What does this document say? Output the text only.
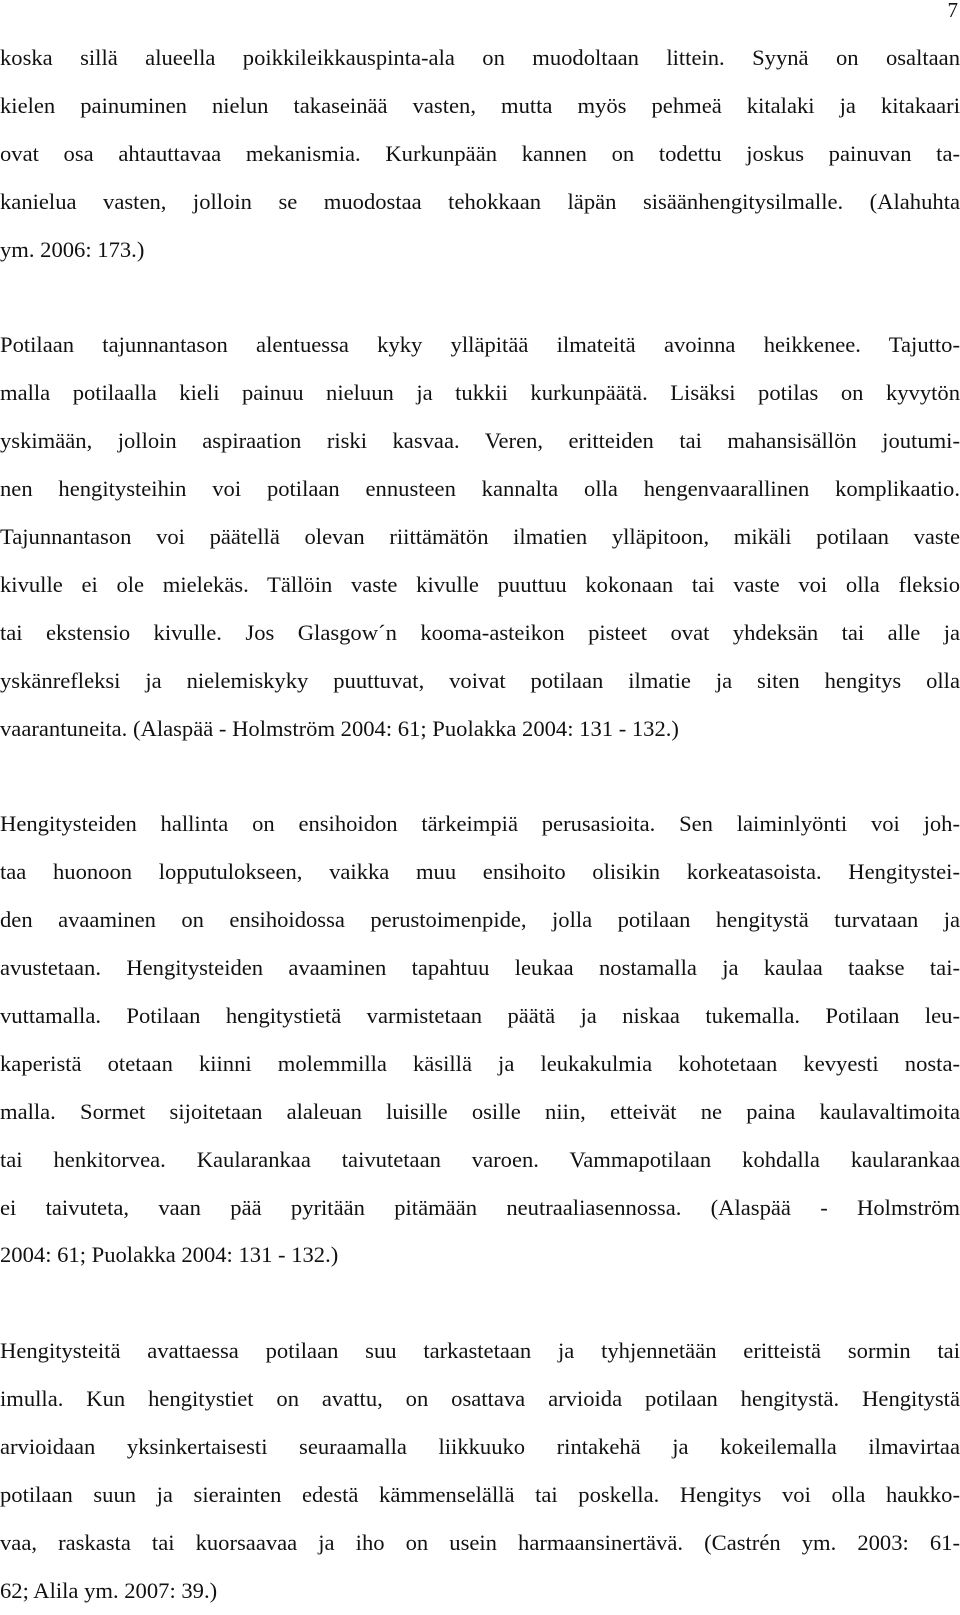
7
koska sillä alueella poikkileikkauspinta-ala on muodoltaan littein. Syynä on osaltaan
kielen painuminen nielun takaseinää vasten, mutta myös pehmeä kitalaki ja kitakaari
ovat osa ahtauttavaa mekanismia. Kurkunpään kannen on todettu joskus painuvan ta-
kanielua vasten, jolloin se muodostaa tehokkaan läpän sisäänhengitysilmalle. (Alahuhta
ym. 2006: 173.)
Potilaan tajunnantason alentuessa kyky ylläpitää ilmateitä avoinna heikkenee. Tajutto-
malla potilaalla kieli painuu nieluun ja tukkii kurkunpäätä. Lisäksi potilas on kyvytön
yskimään, jolloin aspiraation riski kasvaa. Veren, eritteiden tai mahansisällön joutumi-
nen hengitysteihin voi potilaan ennusteen kannalta olla hengenvaarallinen komplikaatio.
Tajunnantason voi päätellä olevan riittämätön ilmatien ylläpitoon, mikäli potilaan vaste
kivulle ei ole mielekäs. Tällöin vaste kivulle puuttuu kokonaan tai vaste voi olla fleksio
tai ekstensio kivulle. Jos Glasgow´n kooma-asteikon pisteet ovat yhdeksän tai alle ja
yskänrefleksi ja nielemiskyky puuttuvat, voivat potilaan ilmatie ja siten hengitys olla
vaarantuneita. (Alaspää - Holmström 2004: 61; Puolakka 2004: 131 - 132.)
Hengitysteiden hallinta on ensihoidon tärkeimpiä perusasioita. Sen laiminlyönti voi joh-
taa huonoon lopputulokseen, vaikka muu ensihoito olisikin korkeatasoista. Hengitystei-
den avaaminen on ensihoidossa perustoimenpide, jolla potilaan hengitystä turvataan ja
avustetaan. Hengitysteiden avaaminen tapahtuu leukaa nostamalla ja kaulaa taakse tai-
vuttamalla. Potilaan hengitystietä varmistetaan päätä ja niskaa tukemalla. Potilaan leu-
kaperistä otetaan kiinni molemmilla käsillä ja leukakulmia kohotetaan kevyesti nosta-
malla. Sormet sijoitetaan alaleuan luisille osille niin, etteivät ne paina kaulavaltimoita
tai henkitorvea. Kaularankaa taivutetaan varoen. Vammapotilaan kohdalla kaularankaa
ei taivuteta, vaan pää pyritään pitämään neutraaliasennossa. (Alaspää - Holmström
2004: 61; Puolakka 2004: 131 - 132.)
Hengitysteitä avattaessa potilaan suu tarkastetaan ja tyhjennetään eritteistä sormin tai
imulla. Kun hengitystiet on avattu, on osattava arvioida potilaan hengitystä. Hengitystä
arvioidaan yksinkertaisesti seuraamalla liikkuuko rintakehä ja kokeilemalla ilmavirtaa
potilaan suun ja sierainten edestä kämmenselällä tai poskella. Hengitys voi olla haukko-
vaa, raskasta tai kuorsaavaa ja iho on usein harmaansinertävä. (Castrén ym. 2003: 61-
62; Alila ym. 2007: 39.)
